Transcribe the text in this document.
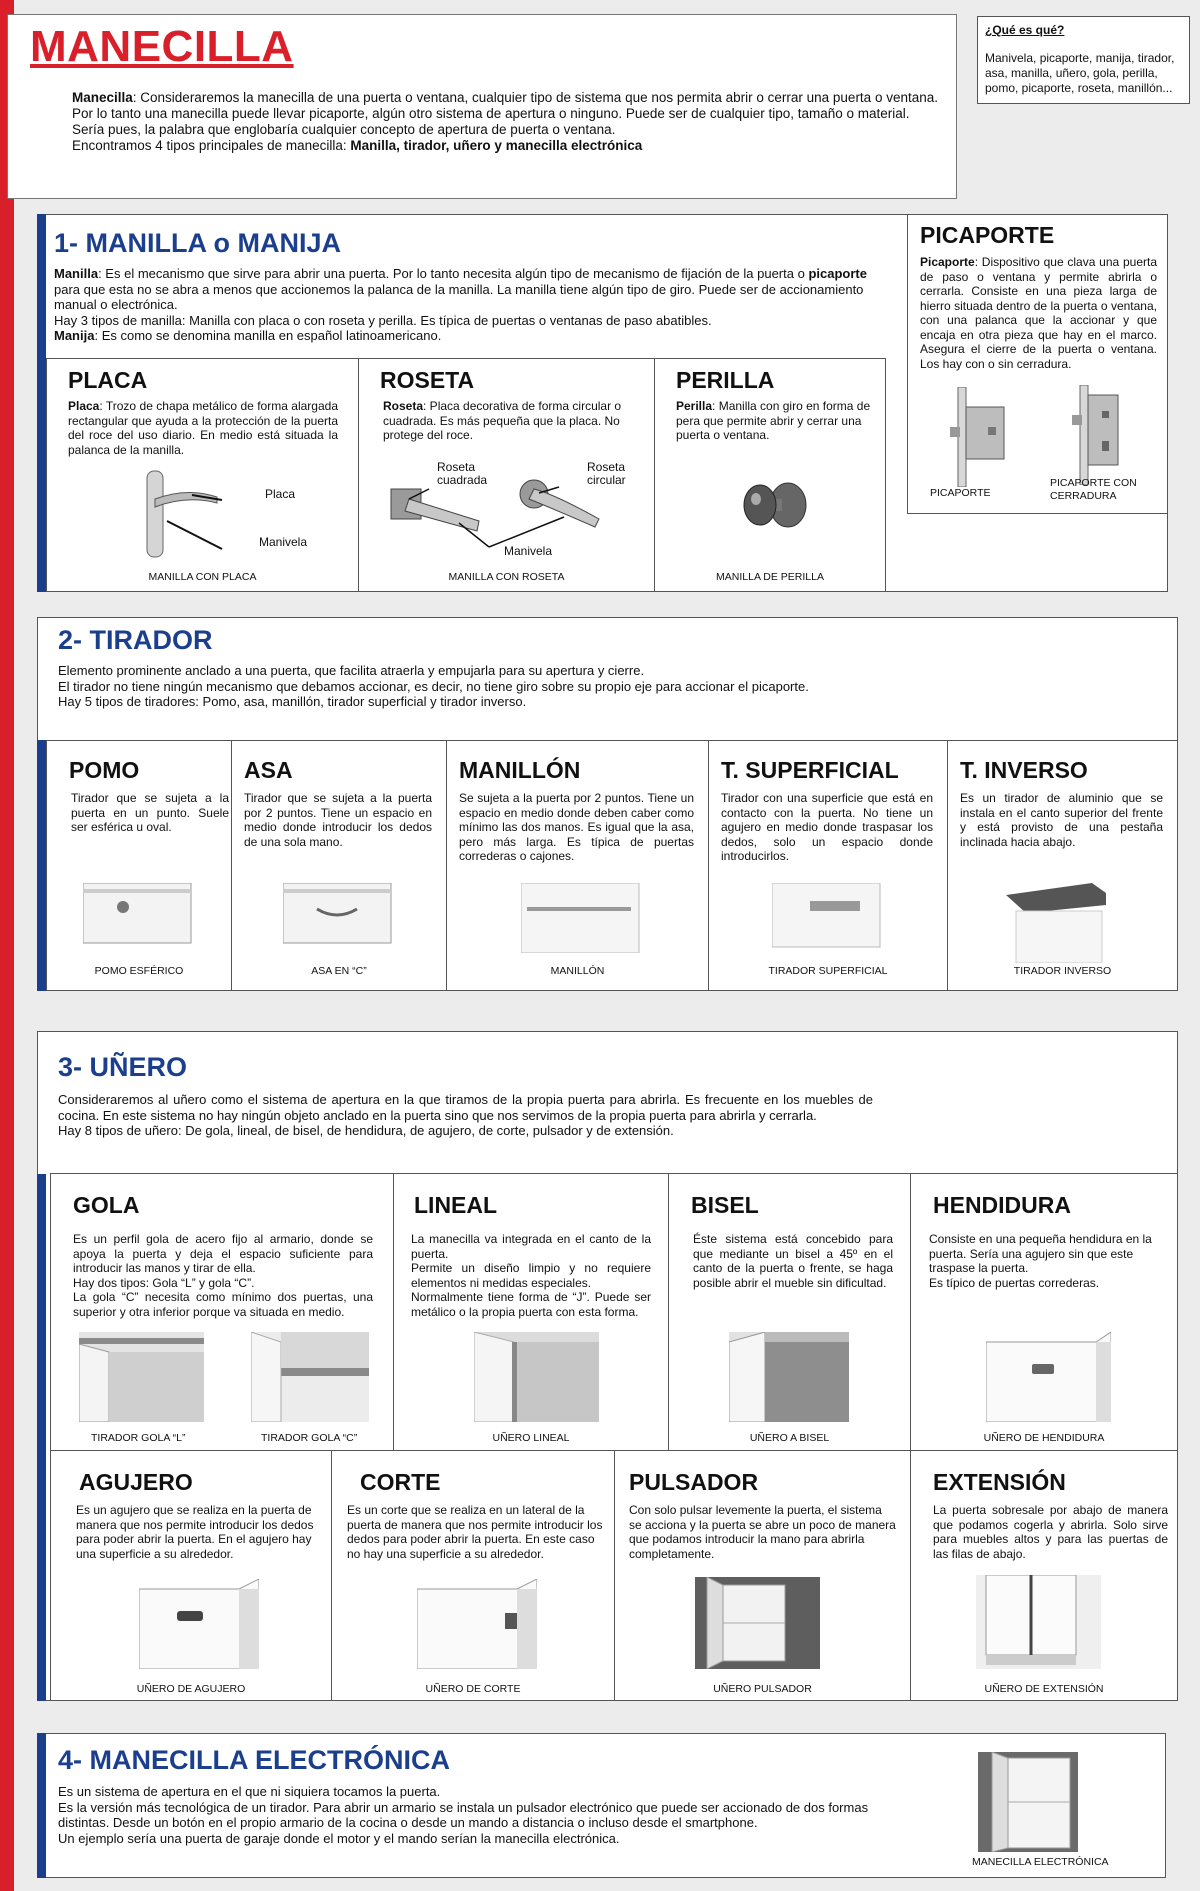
MANECILLA
Manecilla: Consideraremos la manecilla de una puerta o ventana, cualquier tipo de sistema que nos permita abrir o cerrar una puerta o ventana.
Por lo tanto una manecilla puede llevar picaporte, algún otro sistema de apertura o ninguno. Puede ser de cualquier tipo, tamaño o material.
Sería pues, la palabra que englobaría cualquier concepto de apertura de puerta o ventana.
Encontramos 4 tipos principales de manecilla: Manilla, tirador, uñero y manecilla electrónica
¿Qué es qué?
Manivela, picaporte, manija, tirador, asa, manilla, uñero, gola, perilla, pomo, picaporte, roseta, manillón...
1- MANILLA o MANIJA
Manilla: Es el mecanismo que sirve para abrir una puerta. Por lo tanto necesita algún tipo de mecanismo de fijación de la puerta o picaporte para que esta no se abra a menos que accionemos la palanca de la manilla. La manilla tiene algún tipo de giro. Puede ser de accionamiento manual o electrónica.
Hay 3 tipos de manilla: Manilla con placa o con roseta y perilla. Es típica de puertas o ventanas de paso abatibles.
Manija: Es como se denomina manilla en español latinoamericano.
PLACA
Placa: Trozo de chapa metálico de forma alargada rectangular que ayuda a la protección de la puerta del roce del uso diario. En medio está situada la palanca de la manilla.
Placa
Manivela
MANILLA CON PLACA
ROSETA
Roseta: Placa decorativa de forma circular o cuadrada. Es más pequeña que la placa. No protege del roce.
Roseta cuadrada
Roseta circular
Manivela
MANILLA CON ROSETA
PERILLA
Perilla: Manilla con giro en forma de pera que permite abrir y cerrar una puerta o ventana.
MANILLA DE PERILLA
PICAPORTE
Picaporte: Dispositivo que clava una puerta de paso o ventana y permite abrirla o cerrarla. Consiste en una pieza larga de hierro situada dentro de la puerta o ventana, con una palanca que la accionar y que encaja en otra pieza que hay en el marco. Asegura el cierre de la puerta o ventana. Los hay con o sin cerradura.
PICAPORTE
PICAPORTE CON CERRADURA
2- TIRADOR
Elemento prominente anclado a una puerta, que facilita atraerla y empujarla para su apertura y cierre.
El tirador no tiene ningún mecanismo que debamos accionar, es decir, no tiene giro sobre su propio eje para accionar el picaporte.
Hay 5 tipos de tiradores: Pomo, asa, manillón, tirador superficial y tirador inverso.
POMO
Tirador que se sujeta a la puerta en un punto. Suele ser esférica u oval.
POMO ESFÉRICO
ASA
Tirador que se sujeta a la puerta por 2 puntos. Tiene un espacio en medio donde introducir los dedos de una sola mano.
ASA EN “C”
MANILLÓN
Se sujeta a la puerta por 2 puntos. Tiene un espacio en medio donde deben caber como mínimo las dos manos. Es igual que la asa, pero más larga. Es típica de puertas correderas o cajones.
MANILLÓN
T. SUPERFICIAL
Tirador con una superficie que está en contacto con la puerta. No tiene un agujero en medio donde traspasar los dedos, solo un espacio donde introducirlos.
TIRADOR SUPERFICIAL
T. INVERSO
Es un tirador de aluminio que se instala en el canto superior del frente y está provisto de una pestaña inclinada hacia abajo.
TIRADOR INVERSO
3- UÑERO
Consideraremos al uñero como el sistema de apertura en la que tiramos de la propia puerta para abrirla. Es frecuente en los muebles de cocina. En este sistema no hay ningún objeto anclado en la puerta sino que nos servimos de la propia puerta para abrirla y cerrarla.
Hay 8 tipos de uñero: De gola, lineal, de bisel, de hendidura, de agujero, de corte, pulsador y de extensión.
GOLA
Es un perfil gola de acero fijo al armario, donde se apoya la puerta y deja el espacio suficiente para introducir las manos y tirar de ella.
Hay dos tipos: Gola “L” y gola “C”.
La gola “C” necesita como mínimo dos puertas, una superior y otra inferior porque va situada en medio.
TIRADOR GOLA “L”	TIRADOR GOLA “C”
LINEAL
La manecilla va integrada en el canto de la puerta.
Permite un diseño limpio y no requiere elementos ni medidas especiales.
Normalmente tiene forma de “J”. Puede ser metálico o la propia puerta con esta forma.
UÑERO LINEAL
BISEL
Éste sistema está concebido para que mediante un bisel a 45º en el canto de la puerta o frente, se haga posible abrir el mueble sin dificultad.
UÑERO A BISEL
HENDIDURA
Consiste en una pequeña hendidura en la puerta. Sería una agujero sin que este traspase la puerta.
Es típico de puertas correderas.
UÑERO DE HENDIDURA
AGUJERO
Es un agujero que se realiza en la puerta de manera que nos permite introducir los dedos para poder abrir la puerta. En el agujero hay una superficie a su alrededor.
UÑERO DE AGUJERO
CORTE
Es un corte que se realiza en un lateral de la puerta de manera que nos permite introducir los dedos para poder abrir la puerta. En este caso no hay una superficie a su alrededor.
UÑERO DE CORTE
PULSADOR
Con solo pulsar levemente la puerta, el sistema se acciona y la puerta se abre un poco de manera que podamos introducir la mano para abrirla completamente.
UÑERO PULSADOR
EXTENSIÓN
La puerta sobresale por abajo de manera que podamos cogerla y abrirla. Solo sirve para muebles altos y para las puertas de las filas de abajo.
UÑERO DE EXTENSIÓN
4- MANECILLA ELECTRÓNICA
Es un sistema de apertura en el que ni siquiera tocamos la puerta.
Es la versión más tecnológica de un tirador. Para abrir un armario se instala un pulsador electrónico que puede ser accionado de dos formas distintas. Desde un botón en el propio armario de la cocina o desde un mando a distancia o incluso desde el smartphone.
Un ejemplo sería una puerta de garaje donde el motor y el mando serían la manecilla electrónica.
MANECILLA ELECTRÓNICA
